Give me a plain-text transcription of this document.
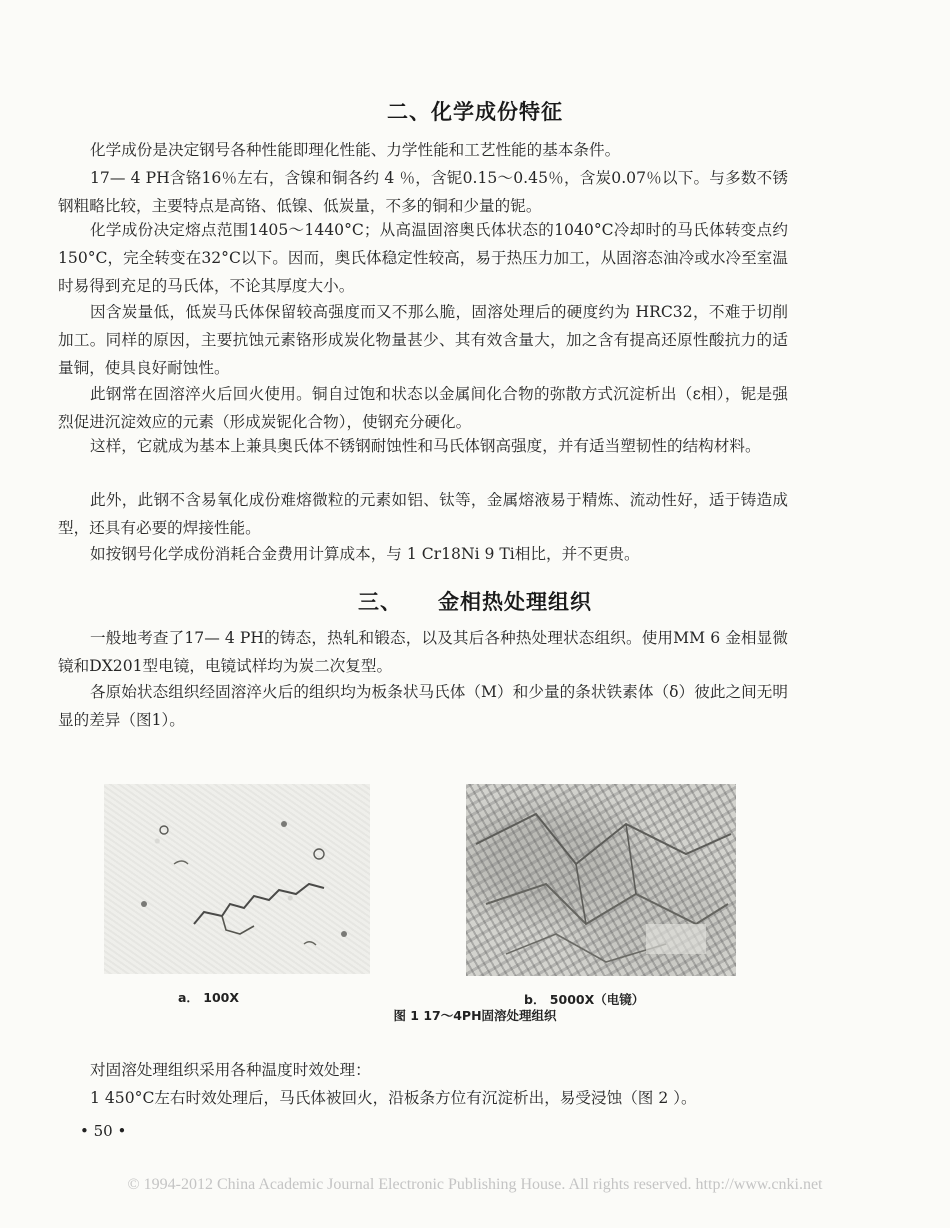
二、化学成份特征

化学成份是决定钢号各种性能即理化性能、力学性能和工艺性能的基本条件。

17— 4 PH含铬16％左右，含镍和铜各约 4 ％，含铌0.15～0.45％，含炭0.07％以下。与多数不锈钢粗略比较，主要特点是高铬、低镍、低炭量，不多的铜和少量的铌。

化学成份决定熔点范围1405～1440°C；从高温固溶奥氏体状态的1040°C冷却时的马氏体转变点约150°C，完全转变在32°C以下。因而，奥氏体稳定性较高，易于热压力加工，从固溶态油冷或水冷至室温时易得到充足的马氏体，不论其厚度大小。

因含炭量低，低炭马氏体保留较高强度而又不那么脆，固溶处理后的硬度约为 HRC32，不难于切削加工。同样的原因，主要抗蚀元素铬形成炭化物量甚少、其有效含量大，加之含有提高还原性酸抗力的适量铜，使具良好耐蚀性。

此钢常在固溶淬火后回火使用。铜自过饱和状态以金属间化合物的弥散方式沉淀析出（ε相），铌是强烈促进沉淀效应的元素（形成炭铌化合物），使钢充分硬化。

这样，它就成为基本上兼具奥氏体不锈钢耐蚀性和马氏体钢高强度，并有适当塑韧性的结构材料。

此外，此钢不含易氧化成份难熔微粒的元素如铝、钛等，金属熔液易于精炼、流动性好，适于铸造成型，还具有必要的焊接性能。

如按钢号化学成份消耗合金费用计算成本，与 1 Cr18Ni 9 Ti相比，并不更贵。

三、 金相热处理组织

一般地考查了17— 4 PH的铸态，热轧和锻态，以及其后各种热处理状态组织。使用MM 6 金相显微镜和DX201型电镜，电镜试样均为炭二次复型。

各原始状态组织经固溶淬火后的组织均为板条状马氏体（M）和少量的条状铁素体（δ）彼此之间无明显的差异（图1）。

a． 100X	b． 5000X（电镜）
图 1 17～4PH固溶处理组织

对固溶处理组织采用各种温度时效处理：

1 450°C左右时效处理后，马氏体被回火，沿板条方位有沉淀析出，易受浸蚀（图 2 ）。

• 50 •
© 1994-2012 China Academic Journal Electronic Publishing House. All rights reserved. http://www.cnki.net
